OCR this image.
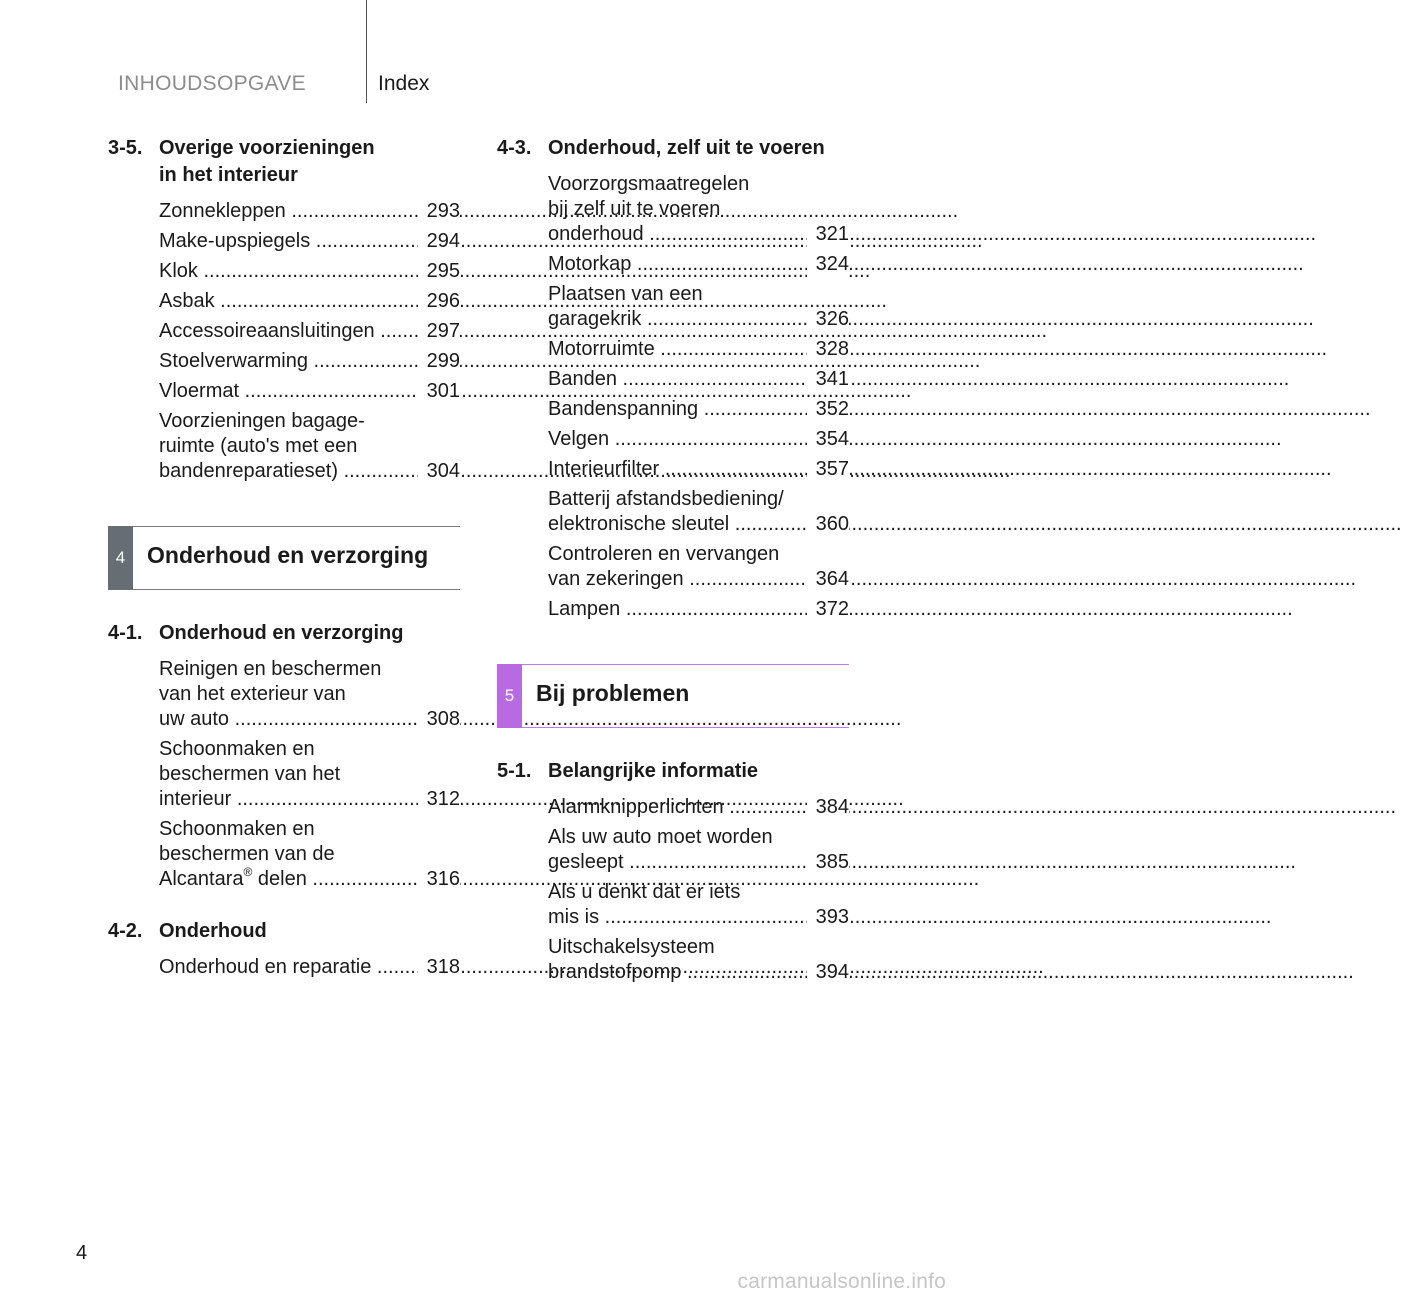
INHOUDSOPGAVE	Index
3-5. Overige voorzieningen
in het interieur
Zonnekleppen .....	293
Make-upspiegels .....	294
Klok .....	295
Asbak .....	296
Accessoireaansluitingen .....	297
Stoelverwarming .....	299
Vloermat .....	301
Voorzieningen bagage-
ruimte (auto's met een
bandenreparatieset) .....	304
4 Onderhoud en verzorging
4-1. Onderhoud en verzorging
Reinigen en beschermen
van het exterieur van
uw auto .....	308
Schoonmaken en
beschermen van het
interieur .....	312
Schoonmaken en
beschermen van de
Alcantara® delen .....	316
4-2. Onderhoud
Onderhoud en reparatie .....	318
4-3. Onderhoud, zelf uit te voeren
Voorzorgsmaatregelen
bij zelf uit te voeren
onderhoud .....	321
Motorkap .....	324
Plaatsen van een
garagekrik .....	326
Motorruimte .....	328
Banden .....	341
Bandenspanning .....	352
Velgen .....	354
Interieurfilter .....	357
Batterij afstandsbediening/
elektronische sleutel .....	360
Controleren en vervangen
van zekeringen .....	364
Lampen .....	372
5 Bij problemen
5-1. Belangrijke informatie
Alarmknipperlichten .....	384
Als uw auto moet worden
gesleept .....	385
Als u denkt dat er iets
mis is .....	393
Uitschakelsysteem
brandstofpomp .....	394
4
carmanualsonline.info
